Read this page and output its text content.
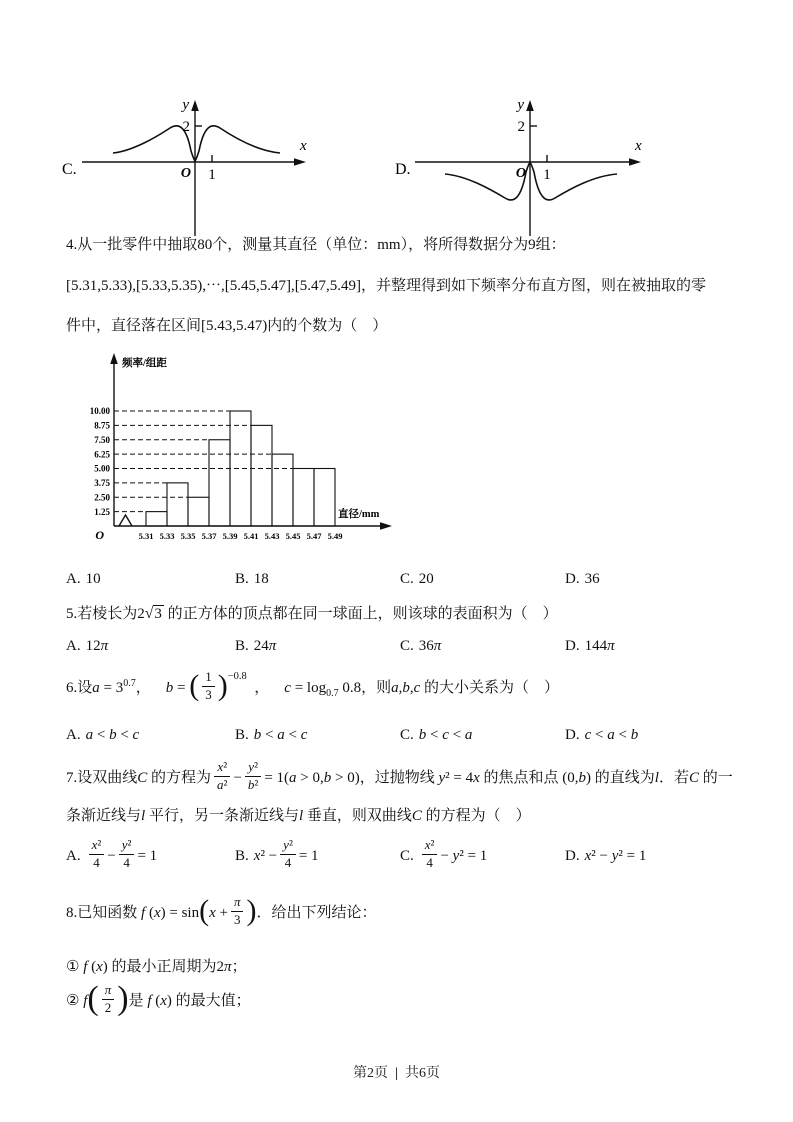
C.
y
x
2
1
O	D.
y
x
2
1
O
4.从一批零件中抽取80个，测量其直径（单位：mm），将所得数据分为9组：
[5.31,5.33),[5.33,5.35),⋯,[5.45,5.47],[5.47,5.49]，并整理得到如下频率分布直方图，则在被抽取的零
件中，直径落在区间[5.43,5.47)内的个数为（　）
频率/组距
直径/mm
O
1.25
2.50
3.75
5.00
6.25
7.50
8.75
10.00
5.31 5.33 5.35 5.37 5.39 5.41 5.43 5.45 5.47 5.49
A. 10	B. 18	C. 20	D. 36
5.若棱长为2√3 的正方体的顶点都在同一球面上，则该球的表面积为（　）
A. 12π	B. 24π	C. 36π	D. 144π
6.设$a = 3^{0.7}$， b = ( $\frac{1}{3} )^{-0.8}$ ， $c = \log_{0.7} 0.8$，则a,b,c 的大小关系为（　）
A. a < b < c	B. b < a < c	C. b < c < a	D. c < a < b
7.设双曲线C 的方程为 $\frac{\text{x²}}{\text{a²}} - \frac{\text{y²}}{\text{b²}} = 1(a > 0,b > 0)$，过抛物线 y² = 4x 的焦点和点 (0,b) 的直线为l．若C 的一
条渐近线与l 平行，另一条渐近线与l 垂直，则双曲线C 的方程为（　）
A. $\frac{\text{x²}}{4} - \frac{\text{y²}}{4} = 1$	B. $x^2 - \frac{\text{y²}}{4} = 1$	C. $\frac{\text{x²}}{4} - y^2 = 1$	D. x² − y² = 1
8.已知函数 f $(x) = \sin(x + \frac{\pi}{3}$ )．给出下列结论：
① f (x) 的最小正周期为2π；
② $f( \frac{\pi}{2}$ )是 f (x) 的最大值；
第2页 | 共6页
